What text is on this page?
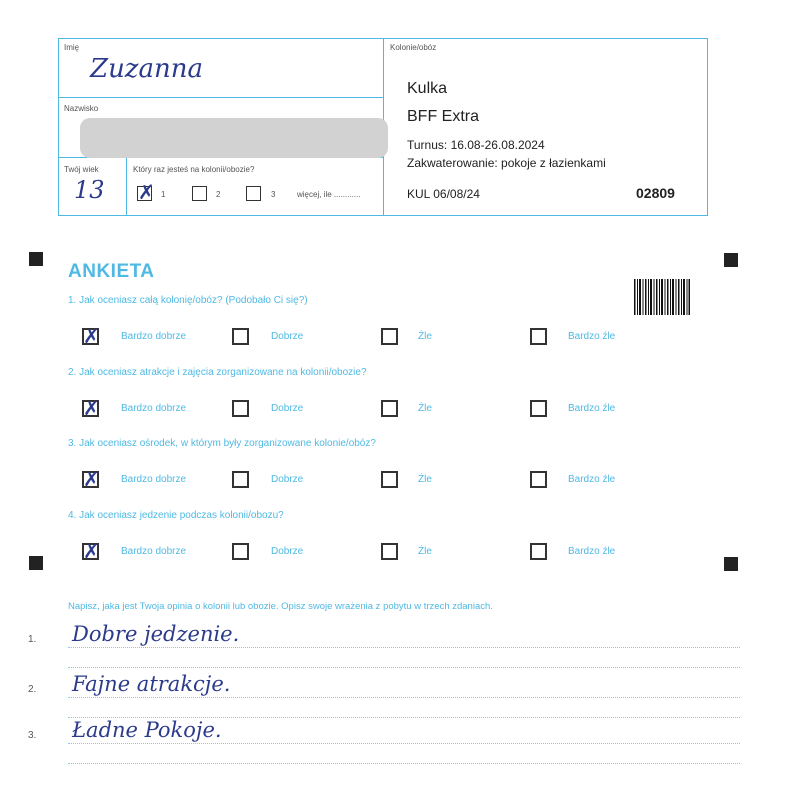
Imię
Zuzanna
Nazwisko
Twój wiek
13
Który raz jesteś na kolonii/obozie?
✗ 1	2	3	więcej, ile ............
Kolonie/obóz
Kulka
BFF Extra
Turnus: 16.08-26.08.2024
Zakwaterowanie: pokoje z łazienkami
KUL 06/08/24	02809
ANKIETA
1. Jak oceniasz całą kolonię/obóz? (Podobało Ci się?)
✗ Bardzo dobrze	Dobrze	Źle	Bardzo źle
2. Jak oceniasz atrakcje i zajęcia zorganizowane na kolonii/obozie?
✗ Bardzo dobrze	Dobrze	Źle	Bardzo źle
3. Jak oceniasz ośrodek, w którym były zorganizowane kolonie/obóz?
✗ Bardzo dobrze	Dobrze	Źle	Bardzo źle
4. Jak oceniasz jedzenie podczas kolonii/obozu?
✗ Bardzo dobrze	Dobrze	Źle	Bardzo źle
Napisz, jaka jest Twoja opinia o kolonii lub obozie. Opisz swoje wrażenia z pobytu w trzech zdaniach.
1. Dobre jedzenie.
2. Fajne atrakcje.
3. Ładne Pokoje.
